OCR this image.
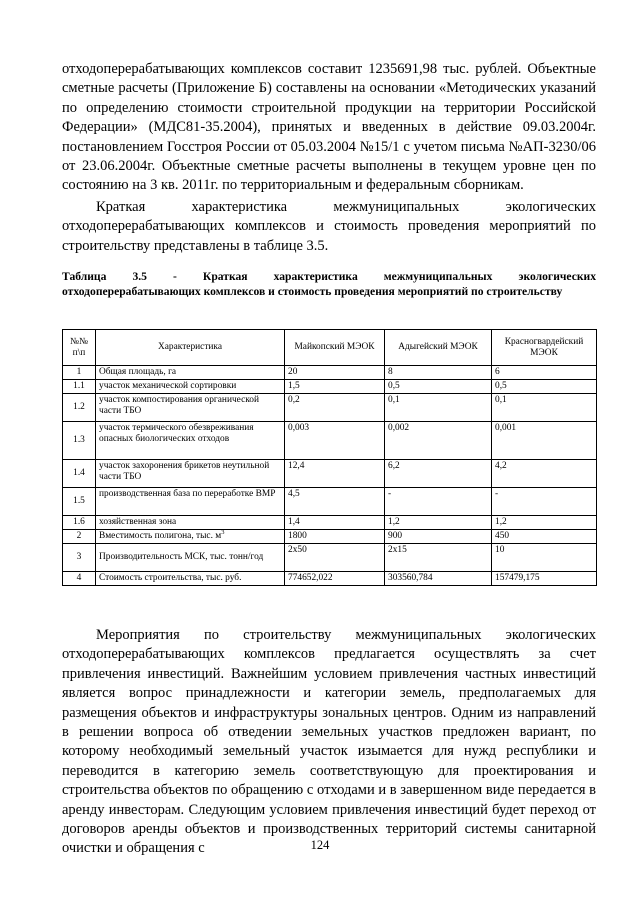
отходоперерабатывающих комплексов составит 1235691,98 тыс. рублей. Объектные сметные расчеты (Приложение Б) составлены на основании «Методических указаний по определению стоимости строительной продукции на территории Российской Федерации» (МДС81-35.2004), принятых и введенных в действие 09.03.2004г. постановлением Госстроя России от 05.03.2004 №15/1 с учетом письма №АП-3230/06 от 23.06.2004г. Объектные сметные расчеты выполнены в текущем уровне цен по состоянию на 3 кв. 2011г. по территориальным и федеральным сборникам.

Краткая характеристика межмуниципальных экологических отходоперерабатывающих комплексов и стоимость проведения мероприятий по строительству представлены в таблице 3.5.

Таблица 3.5 - Краткая характеристика межмуниципальных экологических отходоперерабатывающих комплексов и стоимость проведения мероприятий по строительству

№№ п\п	Характеристика	Майкопский МЭОК	Адыгейский МЭОК	Красногвардейский МЭОК
1	Общая площадь, га	20	8	6
1.1	участок механической сортировки	1,5	0,5	0,5
1.2	участок компостирования органической части ТБО	0,2	0,1	0,1
1.3	участок термического обезвреживания опасных биологических отходов	0,003	0,002	0,001
1.4	участок захоронения брикетов неутильной части ТБО	12,4	6,2	4,2
1.5	производственная база по переработке ВМР	4,5	-	-
1.6	хозяйственная зона	1,4	1,2	1,2
2	Вместимость полигона, тыс. $м^3$	1800	900	450
3	Производительность МСК, тыс. тонн/год	2х50	2х15	10
4	Стоимость строительства, тыс. руб.	774652,022	303560,784	157479,175

Мероприятия по строительству межмуниципальных экологических отходоперерабатывающих комплексов предлагается осуществлять за счет привлечения инвестиций. Важнейшим условием привлечения частных инвестиций является вопрос принадлежности и категории земель, предполагаемых для размещения объектов и инфраструктуры зональных центров. Одним из направлений в решении вопроса об отведении земельных участков предложен вариант, по которому необходимый земельный участок изымается для нужд республики и переводится в категорию земель соответствующую для проектирования и строительства объектов по обращению с отходами и в завершенном виде передается в аренду инвесторам. Следующим условием привлечения инвестиций будет переход от договоров аренды объектов и производственных территорий системы санитарной очистки и обращения с	124
